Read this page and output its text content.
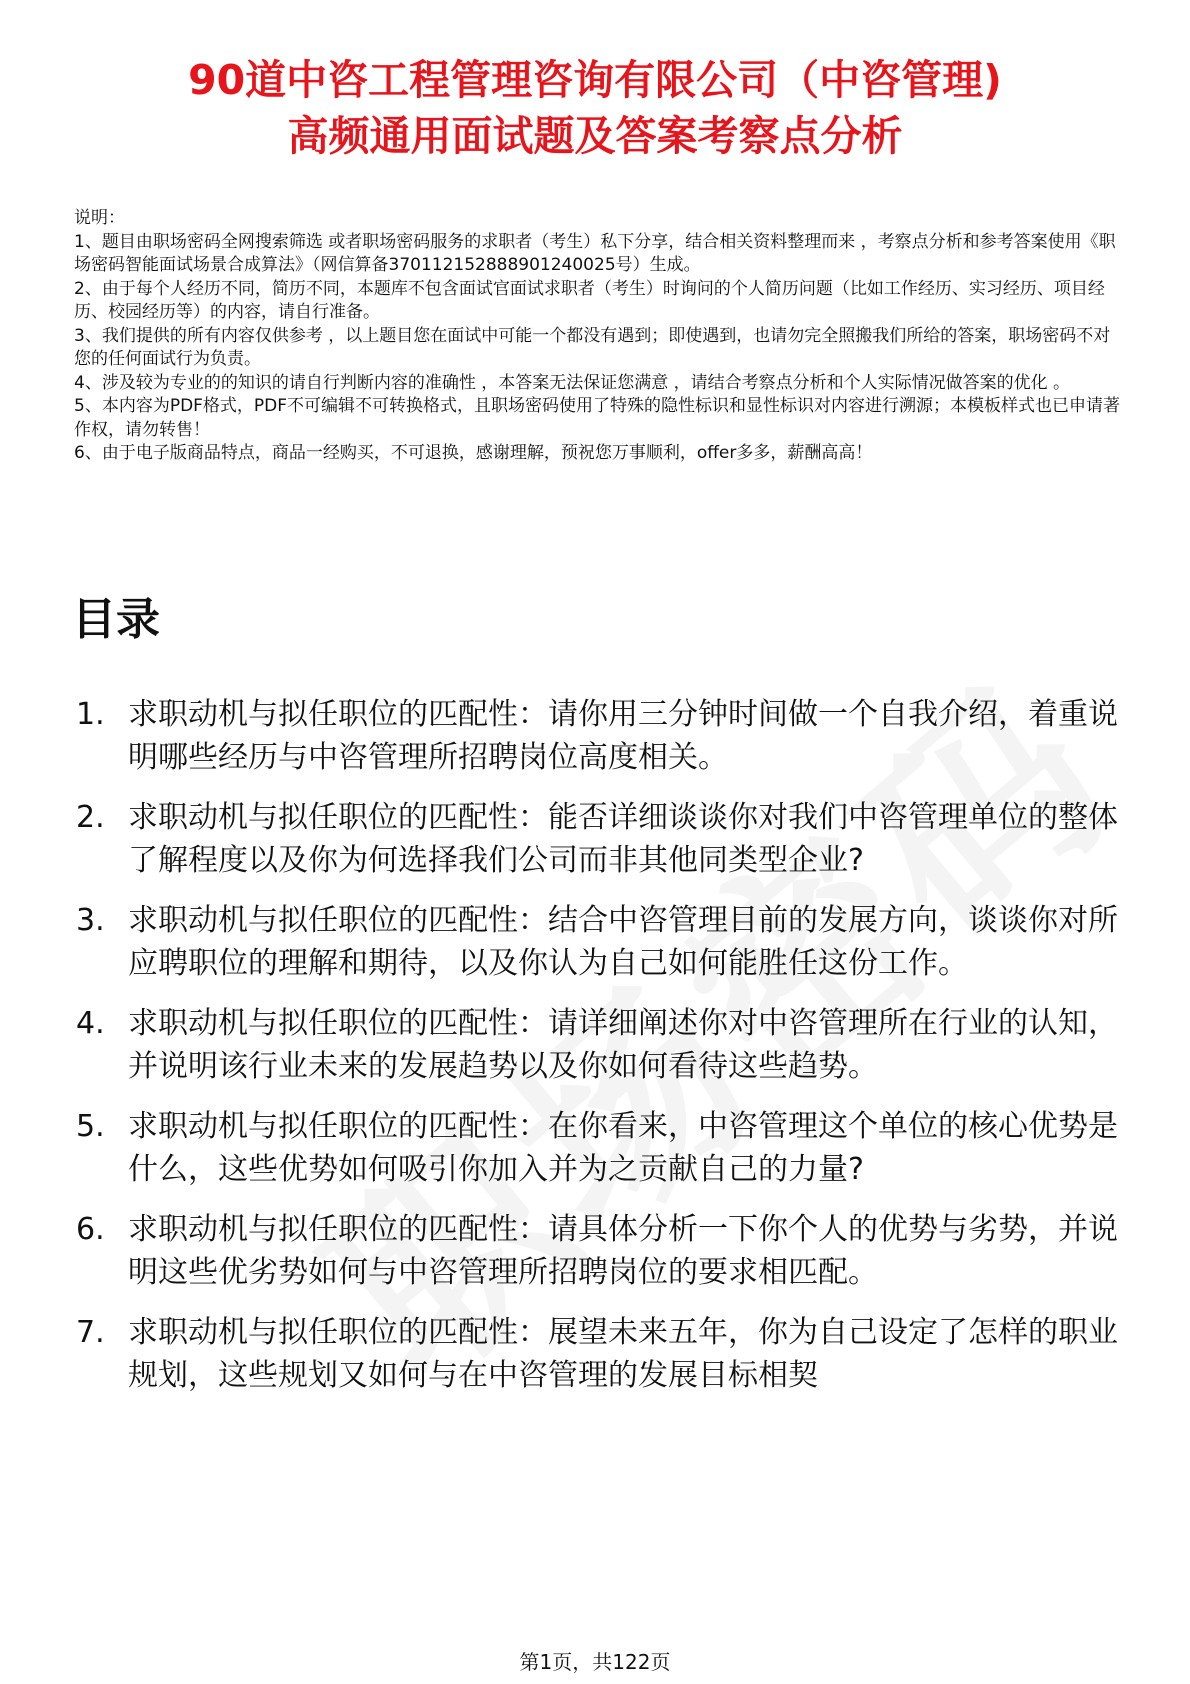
90道中咨工程管理咨询有限公司（中咨管理)
高频通用面试题及答案考察点分析

说明：

1、题目由职场密码全网搜索筛选 或者职场密码服务的求职者（考生）私下分享，结合相关资料整理而来 ，考察点分析和参考答案使用《职场密码智能面试场景合成算法》（网信算备370112152888901240025号）生成。

2、由于每个人经历不同，简历不同，本题库不包含面试官面试求职者（考生）时询问的个人简历问题（比如工作经历、实习经历、项目经历、校园经历等）的内容，请自行准备。

3、我们提供的所有内容仅供参考 ，以上题目您在面试中可能一个都没有遇到；即使遇到，也请勿完全照搬我们所给的答案，职场密码不对您的任何面试行为负责。

4、涉及较为专业的的知识的请自行判断内容的准确性 ，本答案无法保证您满意 ，请结合考察点分析和个人实际情况做答案的优化 。

5、本内容为PDF格式，PDF不可编辑不可转换格式，且职场密码使用了特殊的隐性标识和显性标识对内容进行溯源；本模板样式也已申请著作权，请勿转售！

6、由于电子版商品特点，商品一经购买，不可退换，感谢理解，预祝您万事顺利，offer多多，薪酬高高！

目录
1. 求职动机与拟任职位的匹配性：请你用三分钟时间做一个自我介绍，着重说明哪些经历与中咨管理所招聘岗位高度相关。
2. 求职动机与拟任职位的匹配性：能否详细谈谈你对我们中咨管理单位的整体了解程度以及你为何选择我们公司而非其他同类型企业?
3. 求职动机与拟任职位的匹配性：结合中咨管理目前的发展方向，谈谈你对所应聘职位的理解和期待，以及你认为自己如何能胜任这份工作。
4. 求职动机与拟任职位的匹配性：请详细阐述你对中咨管理所在行业的认知，并说明该行业未来的发展趋势以及你如何看待这些趋势。
5. 求职动机与拟任职位的匹配性：在你看来，中咨管理这个单位的核心优势是什么，这些优势如何吸引你加入并为之贡献自己的力量?
6. 求职动机与拟任职位的匹配性：请具体分析一下你个人的优势与劣势，并说明这些优劣势如何与中咨管理所招聘岗位的要求相匹配。
7. 求职动机与拟任职位的匹配性：展望未来五年，你为自己设定了怎样的职业规划，这些规划又如何与在中咨管理的发展目标相契
第1页，共122页
